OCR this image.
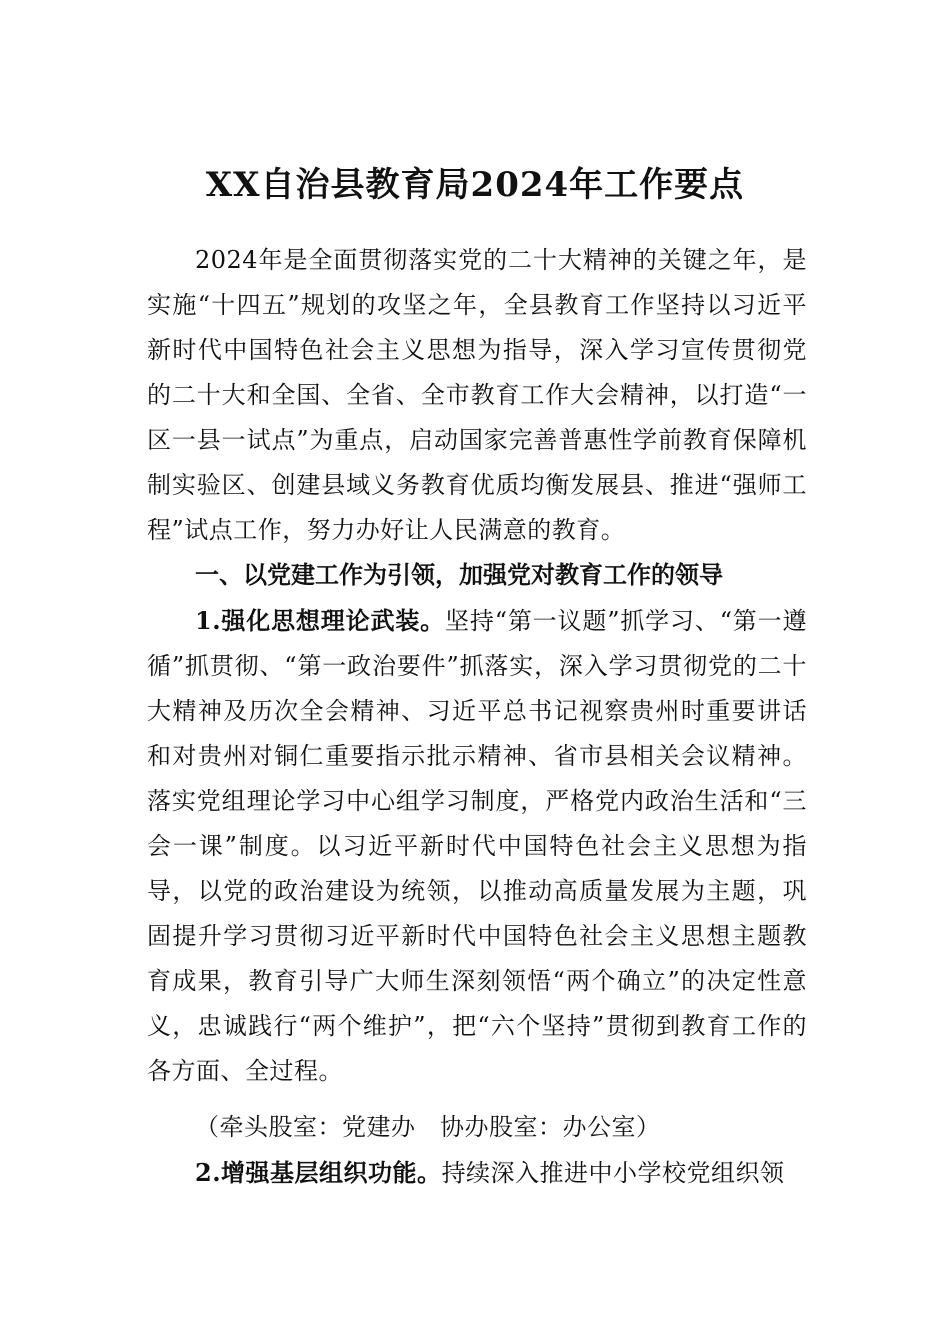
XX自治县教育局2024年工作要点
2024年是全面贯彻落实党的二十大精神的关键之年，是实施“十四五”规划的攻坚之年，全县教育工作坚持以习近平新时代中国特色社会主义思想为指导，深入学习宣传贯彻党的二十大和全国、全省、全市教育工作大会精神，以打造“一区一县一试点”为重点，启动国家完善普惠性学前教育保障机制实验区、创建县域义务教育优质均衡发展县、推进“强师工程”试点工作，努力办好让人民满意的教育。
一、以党建工作为引领，加强党对教育工作的领导
1.强化思想理论武装。坚持“第一议题”抓学习、“第一遵循”抓贯彻、“第一政治要件”抓落实，深入学习贯彻党的二十大精神及历次全会精神、习近平总书记视察贵州时重要讲话和对贵州对铜仁重要指示批示精神、省市县相关会议精神。落实党组理论学习中心组学习制度，严格党内政治生活和“三会一课”制度。以习近平新时代中国特色社会主义思想为指导，以党的政治建设为统领，以推动高质量发展为主题，巩固提升学习贯彻习近平新时代中国特色社会主义思想主题教育成果，教育引导广大师生深刻领悟“两个确立”的决定性意义，忠诚践行“两个维护”，把“六个坚持”贯彻到教育工作的各方面、全过程。
（牵头股室：党建办　协办股室：办公室）
2.增强基层组织功能。持续深入推进中小学校党组织领
